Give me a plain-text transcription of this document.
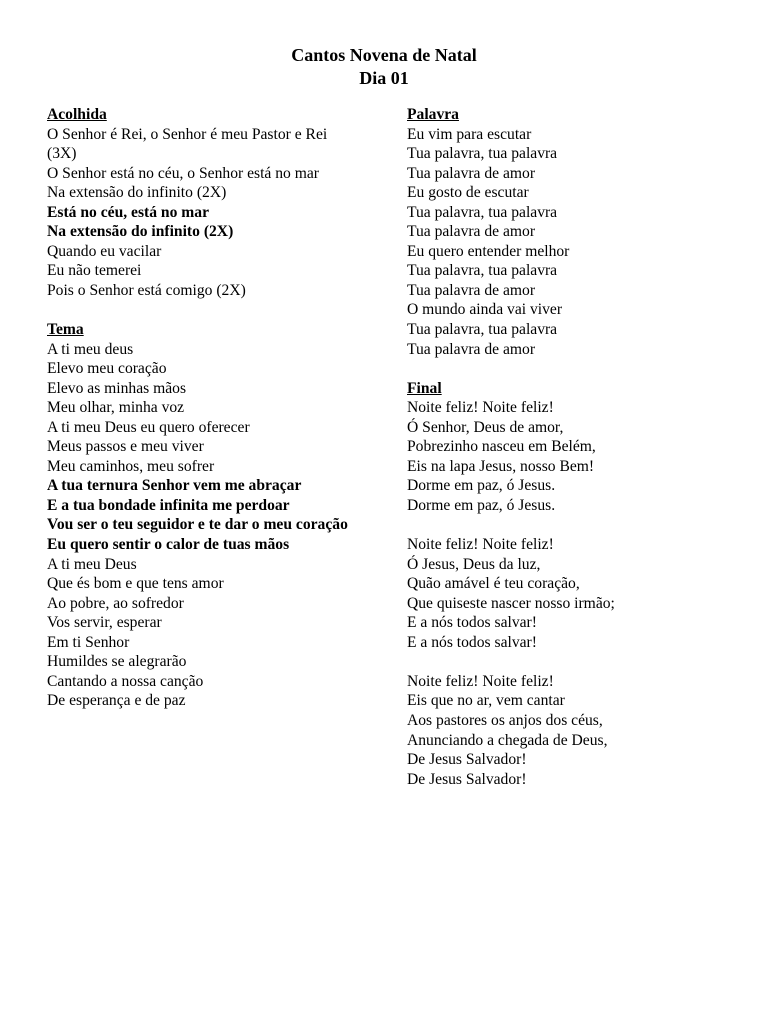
Cantos Novena de Natal
Dia 01
Acolhida
O Senhor é Rei, o Senhor é meu Pastor e Rei (3X)
O Senhor está no céu, o Senhor está no mar
Na extensão do infinito (2X)
Está no céu, está no mar
Na extensão do infinito (2X)
Quando eu vacilar
Eu não temerei
Pois o Senhor está comigo (2X)
Tema
A ti meu deus
Elevo meu coração
Elevo as minhas mãos
Meu olhar, minha voz
A ti meu Deus eu quero oferecer
Meus passos e meu viver
Meu caminhos, meu sofrer
A tua ternura Senhor vem me abraçar
E a tua bondade infinita me perdoar
Vou ser o teu seguidor e te dar o meu coração
Eu quero sentir o calor de tuas mãos
A ti meu Deus
Que és bom e que tens amor
Ao pobre, ao sofredor
Vos servir, esperar
Em ti Senhor
Humildes se alegrarão
Cantando a nossa canção
De esperança e de paz
Palavra
Eu vim para escutar
Tua palavra, tua palavra
Tua palavra de amor
Eu gosto de escutar
Tua palavra, tua palavra
Tua palavra de amor
Eu quero entender melhor
Tua palavra, tua palavra
Tua palavra de amor
O mundo ainda vai viver
Tua palavra, tua palavra
Tua palavra de amor
Final
Noite feliz! Noite feliz!
Ó Senhor, Deus de amor,
Pobrezinho nasceu em Belém,
Eis na lapa Jesus, nosso Bem!
Dorme em paz, ó Jesus.
Dorme em paz, ó Jesus.
Noite feliz! Noite feliz!
Ó Jesus, Deus da luz,
Quão amável é teu coração,
Que quiseste nascer nosso irmão;
E a nós todos salvar!
E a nós todos salvar!
Noite feliz! Noite feliz!
Eis que no ar, vem cantar
Aos pastores os anjos dos céus,
Anunciando a chegada de Deus,
De Jesus Salvador!
De Jesus Salvador!
